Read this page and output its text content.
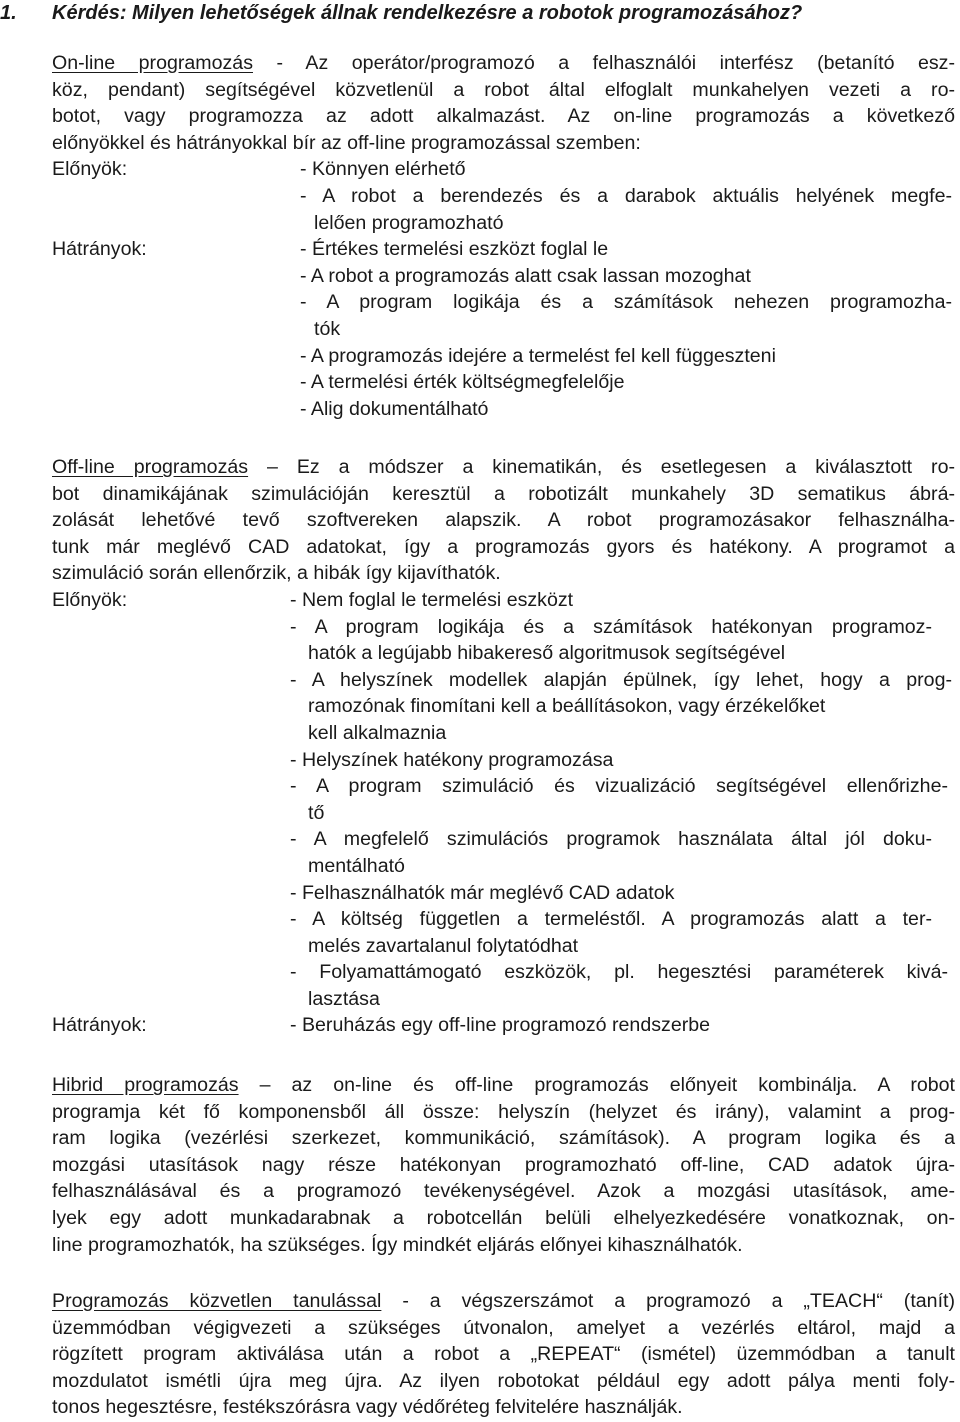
1. Kérdés: Milyen lehetőségek állnak rendelkezésre a robotok programozásához?
On-line programozás - Az operátor/programozó a felhasználói interfész (betanító esz-
köz, pendant) segítségével közvetlenül a robot által elfoglalt munkahelyen vezeti a ro-
botot, vagy programozza az adott alkalmazást. Az on-line programozás a következő
előnyökkel és hátrányokkal bír az off-line programozással szemben:
Előnyök:	- Könnyen elérhető
- A robot a berendezés és a darabok aktuális helyének megfe-
lelően programozható
Hátrányok:	- Értékes termelési eszközt foglal le
- A robot a programozás alatt csak lassan mozoghat
- A program logikája és a számítások nehezen programozha-
tók
- A programozás idejére a termelést fel kell függeszteni
- A termelési érték költségmegfelelője
- Alig dokumentálható
Off-line programozás – Ez a módszer a kinematikán, és esetlegesen a kiválasztott ro-
bot dinamikájának szimulációján keresztül a robotizált munkahely 3D sematikus ábrá-
zolását lehetővé tevő szoftvereken alapszik. A robot programozásakor felhasználha-
tunk már meglévő CAD adatokat, így a programozás gyors és hatékony. A programot a
szimuláció során ellenőrzik, a hibák így kijavíthatók.
Előnyök:	- Nem foglal le termelési eszközt
- A program logikája és a számítások hatékonyan programoz-
hatók a legújabb hibakereső algoritmusok segítségével
- A helyszínek modellek alapján épülnek, így lehet, hogy a prog-
ramozónak finomítani kell a beállításokon, vagy érzékelőket
kell alkalmaznia
- Helyszínek hatékony programozása
- A program szimuláció és vizualizáció segítségével ellenőrizhe-
tő
- A megfelelő szimulációs programok használata által jól doku-
mentálható
- Felhasználhatók már meglévő CAD adatok
- A költség független a termeléstől. A programozás alatt a ter-
melés zavartalanul folytatódhat
- Folyamattámogató eszközök, pl. hegesztési paraméterek kivá-
lasztása
Hátrányok:	- Beruházás egy off-line programozó rendszerbe
Hibrid programozás – az on-line és off-line programozás előnyeit kombinálja. A robot
programja két fő komponensből áll össze: helyszín (helyzet és irány), valamint a prog-
ram logika (vezérlési szerkezet, kommunikáció, számítások). A program logika és a
mozgási utasítások nagy része hatékonyan programozható off-line, CAD adatok újra-
felhasználásával és a programozó tevékenységével. Azok a mozgási utasítások, ame-
lyek egy adott munkadarabnak a robotcellán belüli elhelyezkedésére vonatkoznak, on-
line programozhatók, ha szükséges. Így mindkét eljárás előnyei kihasználhatók.
Programozás közvetlen tanulással - a végszerszámot a programozó a „TEACH“ (tanít)
üzemmódban végigvezeti a szükséges útvonalon, amelyet a vezérlés eltárol, majd a
rögzített program aktiválása után a robot a „REPEAT“ (ismétel) üzemmódban a tanult
mozdulatot ismétli újra meg újra. Az ilyen robotokat például egy adott pálya menti foly-
tonos hegesztésre, festékszórásra vagy védőréteg felvitelére használják.
